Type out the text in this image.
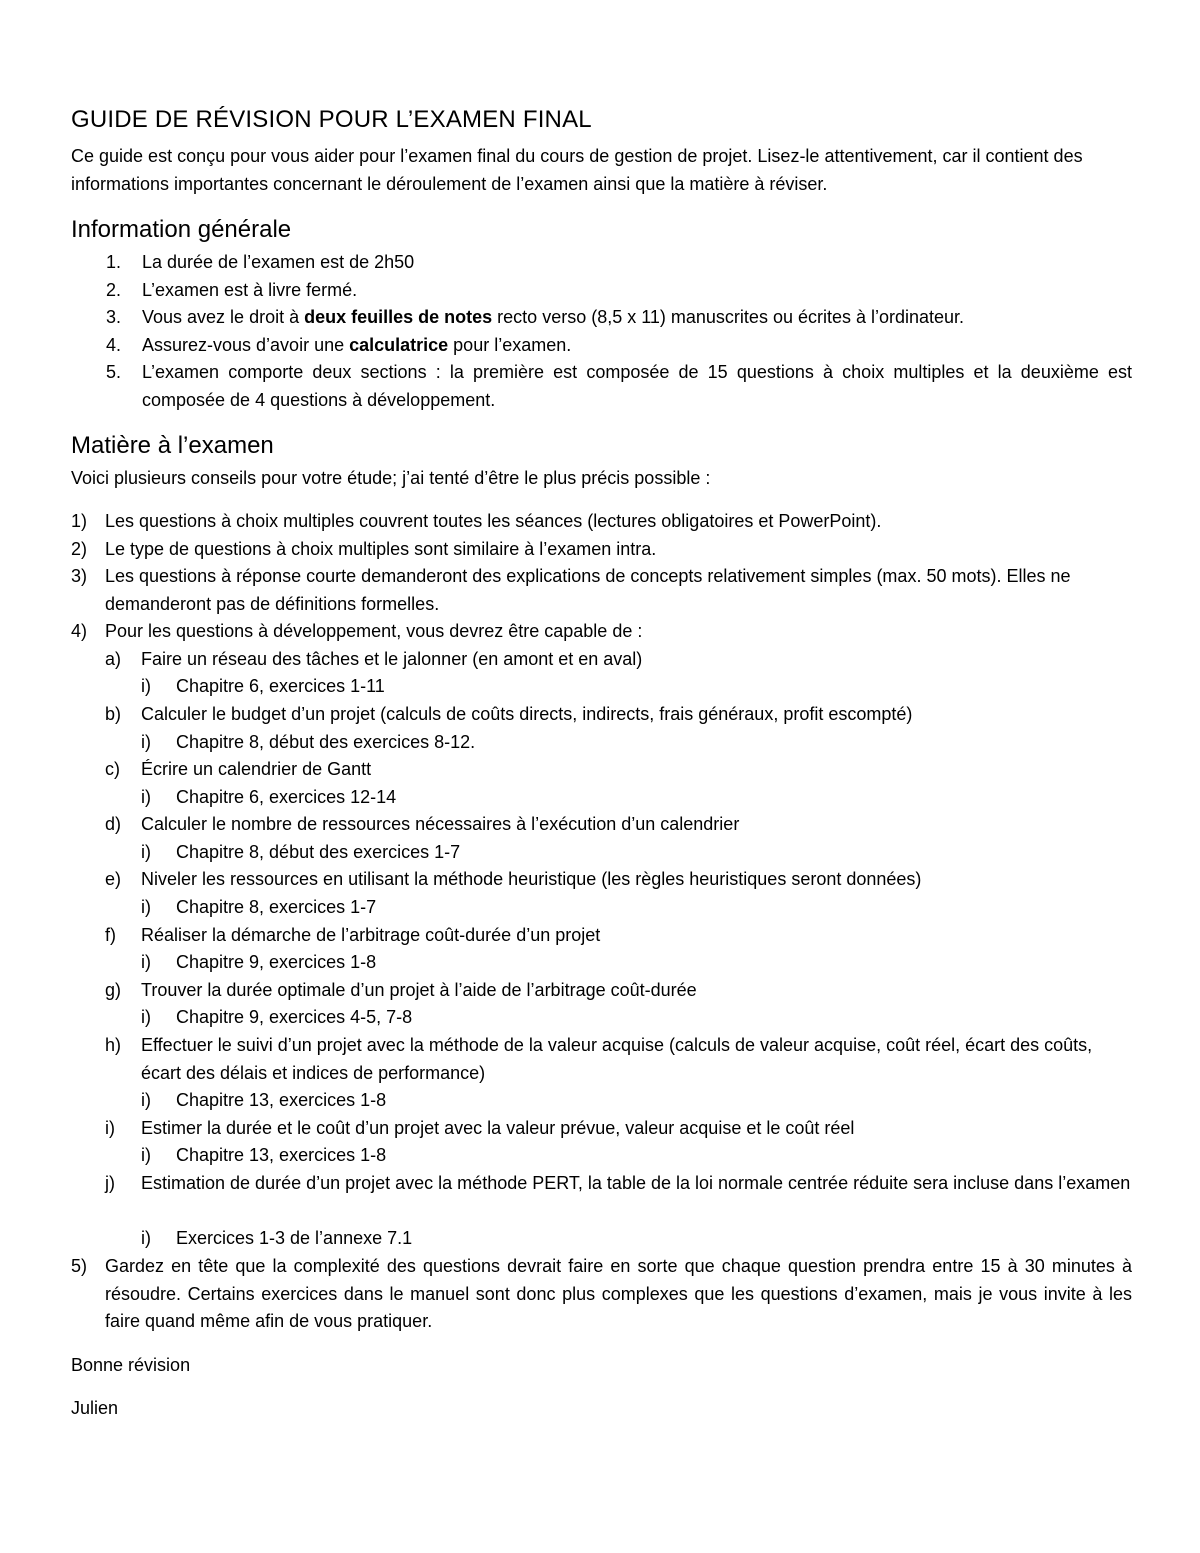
GUIDE DE RÉVISION POUR L’EXAMEN FINAL

Ce guide est conçu pour vous aider pour l’examen final du cours de gestion de projet. Lisez-le attentivement, car il contient des informations importantes concernant le déroulement de l’examen ainsi que la matière à réviser.

Information générale
1. La durée de l’examen est de 2h50
2. L’examen est à livre fermé.
3. Vous avez le droit à deux feuilles de notes recto verso (8,5 x 11) manuscrites ou écrites à l’ordinateur.
4. Assurez-vous d’avoir une calculatrice pour l’examen.
5. L’examen comporte deux sections : la première est composée de 15 questions à choix multiples et la deuxième est composée de 4 questions à développement.
Matière à l’examen

Voici plusieurs conseils pour votre étude; j’ai tenté d’être le plus précis possible :

1) Les questions à choix multiples couvrent toutes les séances (lectures obligatoires et PowerPoint).
2) Le type de questions à choix multiples sont similaire à l’examen intra.
3) Les questions à réponse courte demanderont des explications de concepts relativement simples (max. 50 mots). Elles ne demanderont pas de définitions formelles.
4) Pour les questions à développement, vous devrez être capable de :
a) Faire un réseau des tâches et le jalonner (en amont et en aval)
i) Chapitre 6, exercices 1-11
b) Calculer le budget d’un projet (calculs de coûts directs, indirects, frais généraux, profit escompté)
i) Chapitre 8, début des exercices 8-12.
c) Écrire un calendrier de Gantt
i) Chapitre 6, exercices 12-14
d) Calculer le nombre de ressources nécessaires à l’exécution d’un calendrier
i) Chapitre 8, début des exercices 1-7
e) Niveler les ressources en utilisant la méthode heuristique (les règles heuristiques seront données)
i) Chapitre 8, exercices 1-7
f) Réaliser la démarche de l’arbitrage coût-durée d’un projet
i) Chapitre 9, exercices 1-8
g) Trouver la durée optimale d’un projet à l’aide de l’arbitrage coût-durée
i) Chapitre 9, exercices 4-5, 7-8
h) Effectuer le suivi d’un projet avec la méthode de la valeur acquise (calculs de valeur acquise, coût réel, écart des coûts, écart des délais et indices de performance)
i) Chapitre 13, exercices 1-8
i) Estimer la durée et le coût d’un projet avec la valeur prévue, valeur acquise et le coût réel
i) Chapitre 13, exercices 1-8
j) Estimation de durée d’un projet avec la méthode PERT, la table de la loi normale centrée réduite sera incluse dans l’examen
i) Exercices 1-3 de l’annexe 7.1
5) Gardez en tête que la complexité des questions devrait faire en sorte que chaque question prendra entre 15 à 30 minutes à résoudre. Certains exercices dans le manuel sont donc plus complexes que les questions d’examen, mais je vous invite à les faire quand même afin de vous pratiquer.
Bonne révision
Julien
